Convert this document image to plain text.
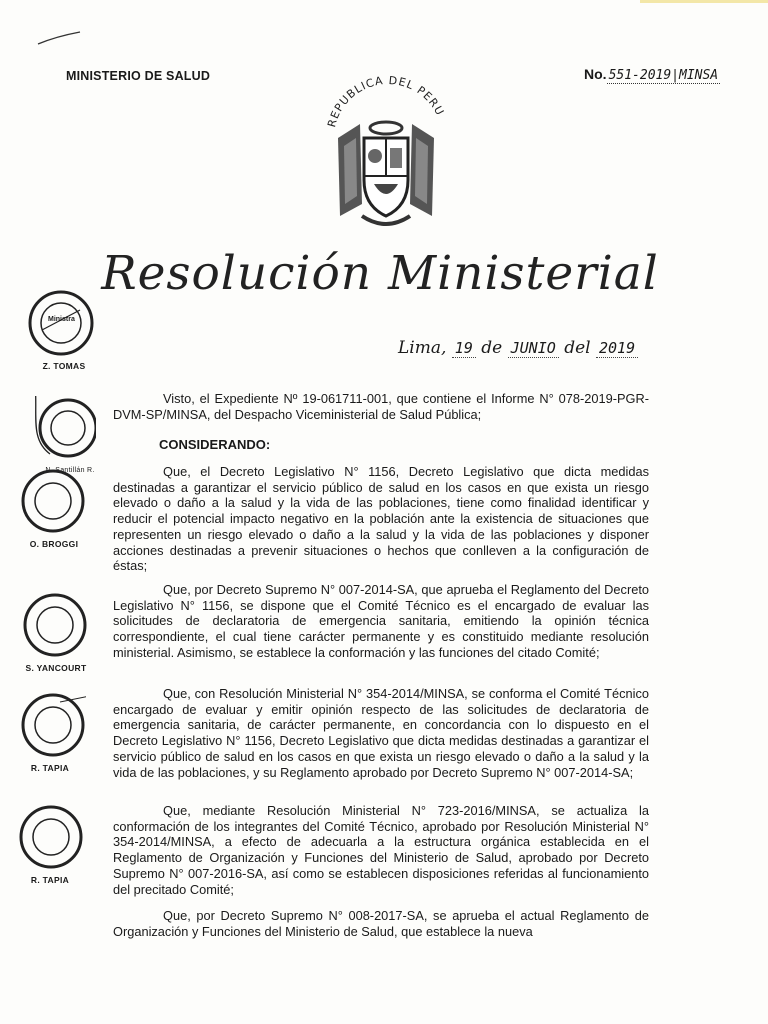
MINISTERIO DE SALUD	No. 551-2019|MINSA
REPUBLICA DEL PERU
Resolución Ministerial
Lima, 19 de JUNIO del 2019
Ministra
Z. TOMAS
N. Santillán R.
O. BROGGI
S. YANCOURT
R. TAPIA
R. TAPIA

Visto, el Expediente Nº 19-061711-001, que contiene el Informe N° 078-2019-PGR-DVM-SP/MINSA, del Despacho Viceministerial de Salud Pública;

CONSIDERANDO:

Que, el Decreto Legislativo N° 1156, Decreto Legislativo que dicta medidas destinadas a garantizar el servicio público de salud en los casos en que exista un riesgo elevado o daño a la salud y la vida de las poblaciones, tiene como finalidad identificar y reducir el potencial impacto negativo en la población ante la existencia de situaciones que representen un riesgo elevado o daño a la salud y la vida de las poblaciones y disponer acciones destinadas a prevenir situaciones o hechos que conlleven a la configuración de éstas;

Que, por Decreto Supremo N° 007-2014-SA, que aprueba el Reglamento del Decreto Legislativo N° 1156, se dispone que el Comité Técnico es el encargado de evaluar las solicitudes de declaratoria de emergencia sanitaria, emitiendo la opinión técnica correspondiente, el cual tiene carácter permanente y es constituido mediante resolución ministerial. Asimismo, se establece la conformación y las funciones del citado Comité;

Que, con Resolución Ministerial N° 354-2014/MINSA, se conforma el Comité Técnico encargado de evaluar y emitir opinión respecto de las solicitudes de declaratoria de emergencia sanitaria, de carácter permanente, en concordancia con lo dispuesto en el Decreto Legislativo N° 1156, Decreto Legislativo que dicta medidas destinadas a garantizar el servicio público de salud en los casos en que exista un riesgo elevado o daño a la salud y la vida de las poblaciones, y su Reglamento aprobado por Decreto Supremo N° 007-2014-SA;

Que, mediante Resolución Ministerial N° 723-2016/MINSA, se actualiza la conformación de los integrantes del Comité Técnico, aprobado por Resolución Ministerial N° 354-2014/MINSA, a efecto de adecuarla a la estructura orgánica establecida en el Reglamento de Organización y Funciones del Ministerio de Salud, aprobado por Decreto Supremo N° 007-2016-SA, así como se establecen disposiciones referidas al funcionamiento del precitado Comité;

Que, por Decreto Supremo N° 008-2017-SA, se aprueba el actual Reglamento de Organización y Funciones del Ministerio de Salud, que establece la nueva
